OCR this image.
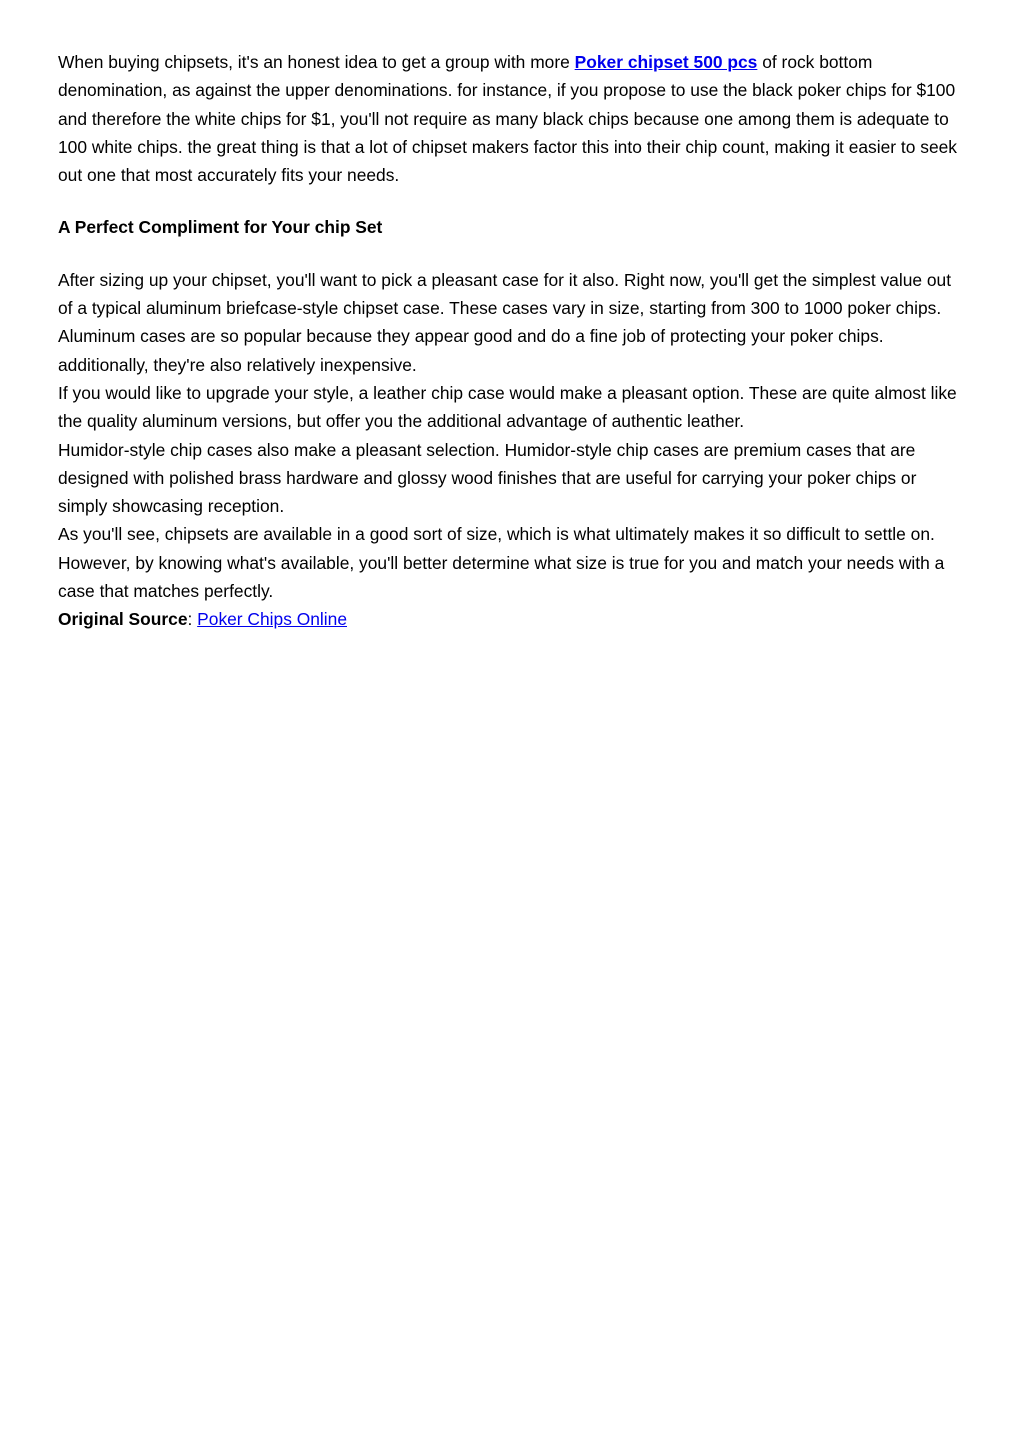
When buying chipsets, it's an honest idea to get a group with more Poker chipset 500 pcs of rock bottom denomination, as against the upper denominations. for instance, if you propose to use the black poker chips for $100 and therefore the white chips for $1, you'll not require as many black chips because one among them is adequate to 100 white chips. the great thing is that a lot of chipset makers factor this into their chip count, making it easier to seek out one that most accurately fits your needs.

A Perfect Compliment for Your chip Set

After sizing up your chipset, you'll want to pick a pleasant case for it also. Right now, you'll get the simplest value out of a typical aluminum briefcase-style chipset case. These cases vary in size, starting from 300 to 1000 poker chips. Aluminum cases are so popular because they appear good and do a fine job of protecting your poker chips. additionally, they're also relatively inexpensive.

If you would like to upgrade your style, a leather chip case would make a pleasant option. These are quite almost like the quality aluminum versions, but offer you the additional advantage of authentic leather.

Humidor-style chip cases also make a pleasant selection. Humidor-style chip cases are premium cases that are designed with polished brass hardware and glossy wood finishes that are useful for carrying your poker chips or simply showcasing reception.

As you'll see, chipsets are available in a good sort of size, which is what ultimately makes it so difficult to settle on. However, by knowing what's available, you'll better determine what size is true for you and match your needs with a case that matches perfectly.

Original Source: Poker Chips Online
